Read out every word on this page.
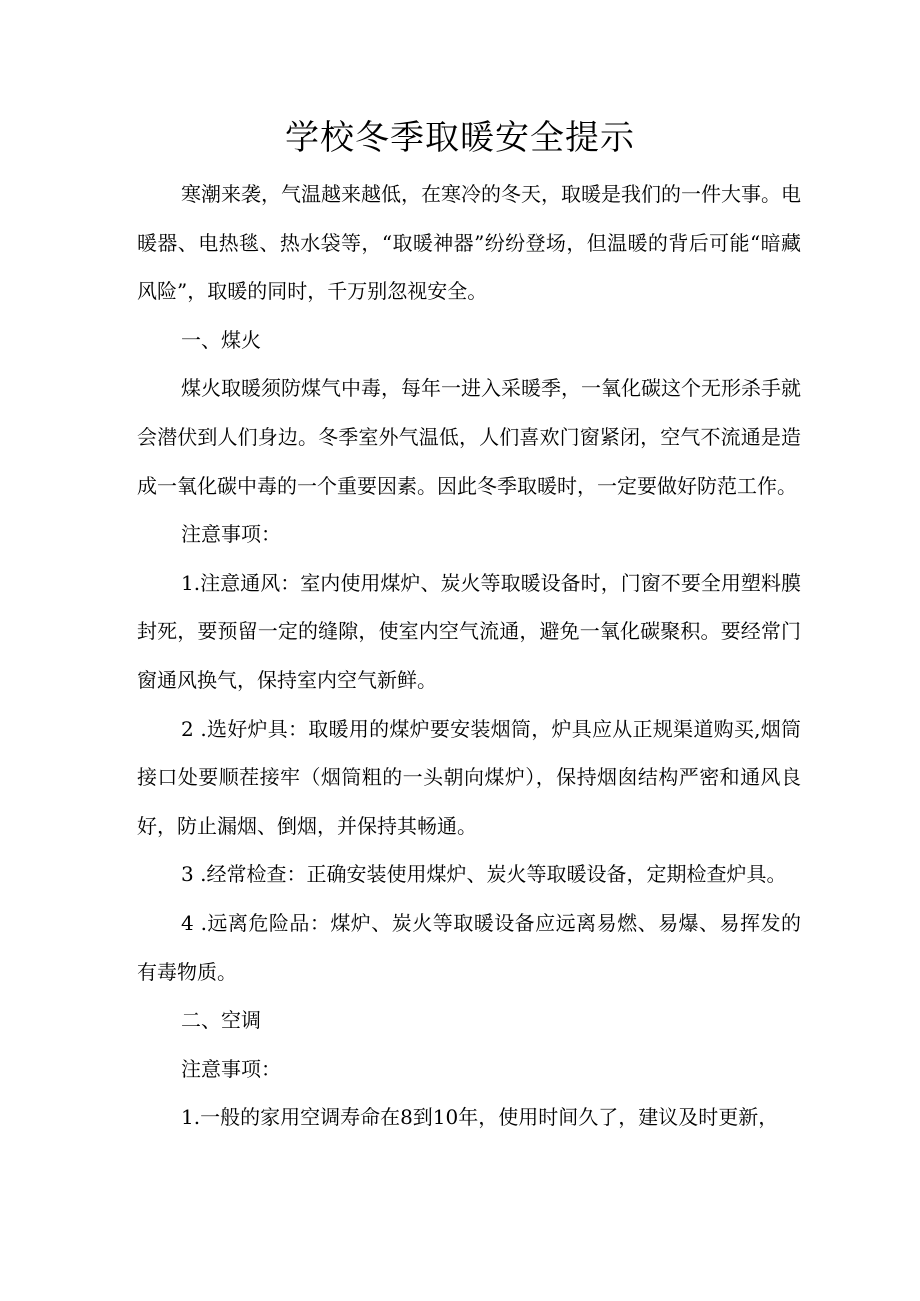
学校冬季取暖安全提示

寒潮来袭，气温越来越低，在寒冷的冬天，取暖是我们的一件大事。电暖器、电热毯、热水袋等，“取暖神器”纷纷登场，但温暖的背后可能“暗藏风险”，取暖的同时，千万别忽视安全。

一、煤火

煤火取暖须防煤气中毒，每年一进入采暖季，一氧化碳这个无形杀手就会潜伏到人们身边。冬季室外气温低，人们喜欢门窗紧闭，空气不流通是造成一氧化碳中毒的一个重要因素。因此冬季取暖时，一定要做好防范工作。

注意事项：

1.注意通风：室内使用煤炉、炭火等取暖设备时，门窗不要全用塑料膜封死，要预留一定的缝隙，使室内空气流通，避免一氧化碳聚积。要经常门窗通风换气，保持室内空气新鲜。

2 .选好炉具：取暖用的煤炉要安装烟筒，炉具应从正规渠道购买,烟筒接口处要顺茬接牢（烟筒粗的一头朝向煤炉），保持烟囱结构严密和通风良好，防止漏烟、倒烟，并保持其畅通。

3 .经常检查：正确安装使用煤炉、炭火等取暖设备，定期检查炉具。

4 .远离危险品：煤炉、炭火等取暖设备应远离易燃、易爆、易挥发的有毒物质。

二、空调

注意事项：

1.一般的家用空调寿命在8到10年，使用时间久了，建议及时更新，
